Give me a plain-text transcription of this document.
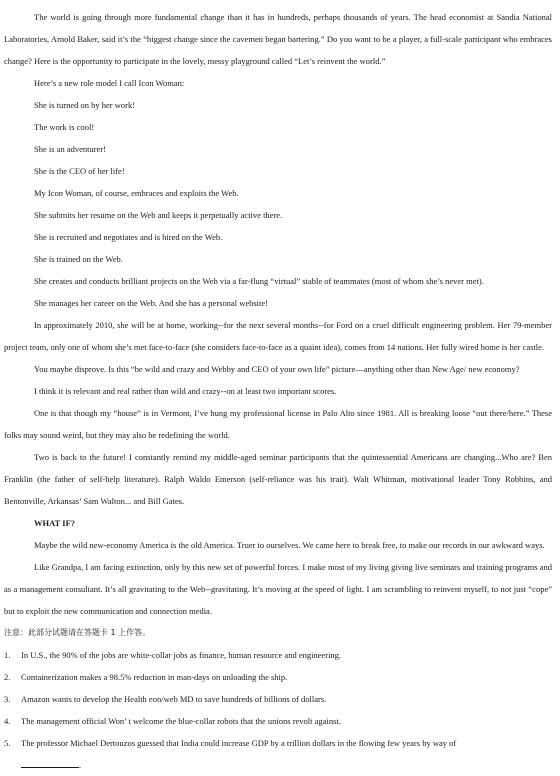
The world is going through more fundamental change than it has in hundreds, perhaps thousands of years. The head economist at Sandia National Laboratories, Arnold Baker, said it’s the “biggest change since the cavemen began bartering.” Do you want to be a player, a full-scale participant who embraces change? Here is the opportunity to participate in the lovely, messy playground called “Let’s reinvent the world.”

Here’s a new role model I call Icon Woman:

She is turned on by her work!

The work is cool!

She is an adventurer!

She is the CEO of her life!

My Icon Woman, of course, embraces and exploits the Web.

She submits her resume on the Web and keeps it perpetually active there.

She is recruited and negotiates and is hired on the Web.

She is trained on the Web.

She creates and conducts brilliant projects on the Web via a far-flung “virtual” stable of teammates (most of whom she’s never met).

She manages her career on the Web. And she has a personal website!

In approximately 2010, she will be at home, working--for the next several months--for Ford on a cruel difficult engineering problem. Her 79-member project team, only one of whom she’s met face-to-face (she considers face-to-face as a quaint idea), comes from 14 nations. Her fully wired home is her castle.

You maybe disprove. Is this “be wild and crazy and Webby and CEO of your own life” picture—anything other than New Age/ new economy?

I think it is relevant and real rather than wild and crazy--on at least two important scores.

One is that though my “house” is in Vermont, I’ve hung my professional license in Palo Alto since 1981. All is breaking loose “out there/here.” These folks may sound weird, but they may also be redefining the world.

Two is back to the future! I constantly remind my middle-aged seminar participants that the quintessential Americans are changing...Who are? Ben Franklin (the father of self-help literature). Ralph Waldo Emerson (self-reliance was his trait). Walt Whitman, motivational leader Tony Robbins, and Bentonville, Arkansas’ Sam Walton... and Bill Gates.

WHAT IF?

Maybe the wild new-economy America is the old America. Truer to ourselves. We came here to break free, to make our records in our awkward ways.

Like Grandpa, I am facing extinction, only by this new set of powerful forces. I make most of my living giving live seminars and training programs and as a management consultant. It’s all gravitating to the Web--gravitating. It’s moving at the speed of light. I am scrambling to reinvent myself, to not just “cope” but to exploit the new communication and connection media.

注意：此部分试题请在答题卡 1 上作答。

1.	In U.S., the 90% of the jobs are white-collar jobs as finance, human resource and engineering.
2.	Containerization makes a 98.5% reduction in man-days on unloading the ship.
3.	Amazon wants to develop the Health eon/web MD to save hundreds of billions of dollars.
4.	The management official Won’ t welcome the blue-collar robots that the unions revolt against.
5.	The professor Michael Dertouzos guessed that India could increase GDP by a trillion dollars in the flowing few years by way of
.
